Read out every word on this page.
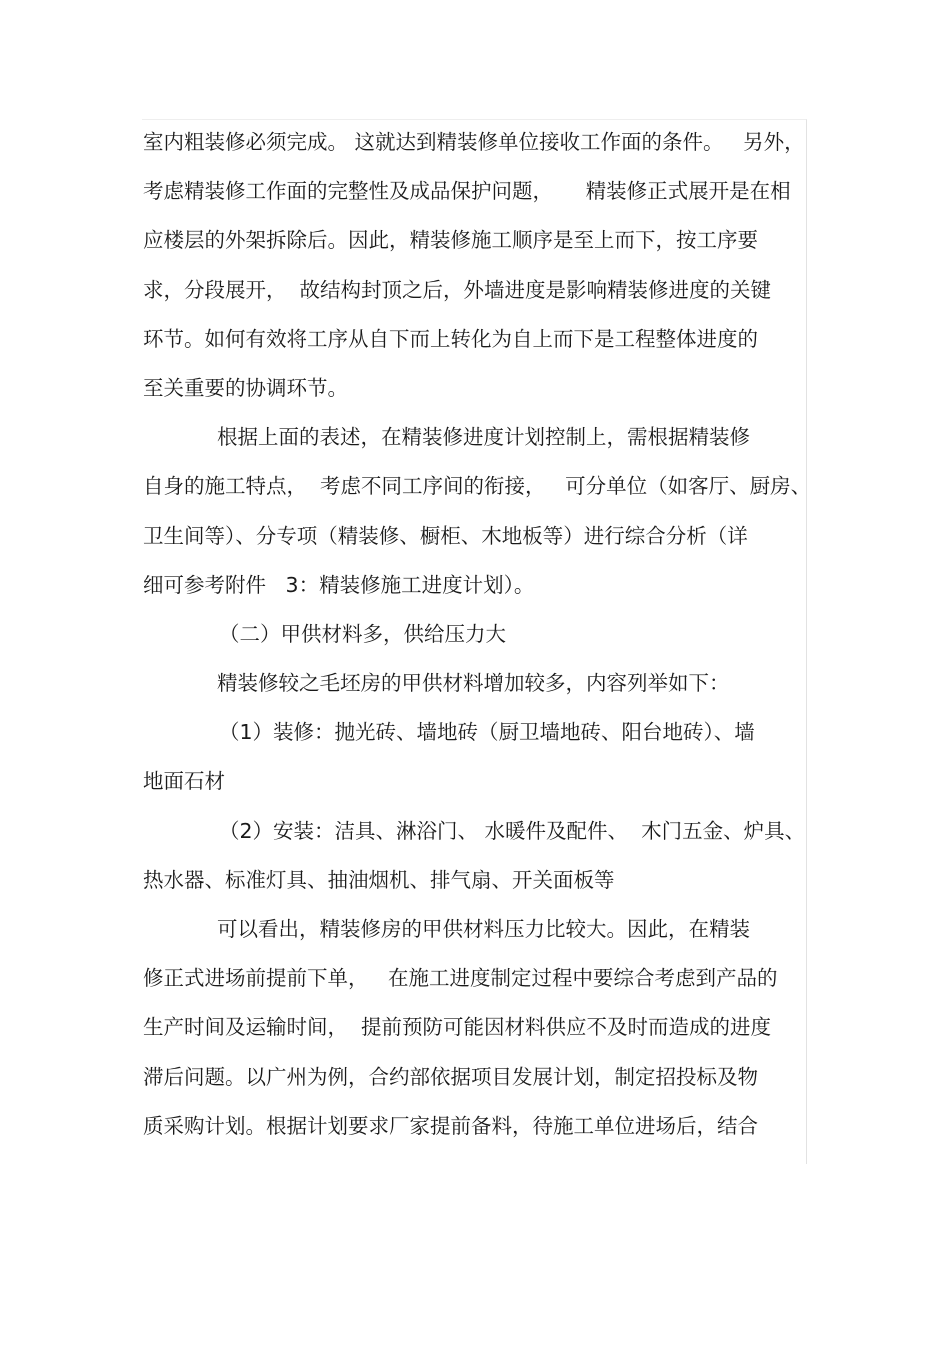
室内粗装修必须完成。 这就达到精装修单位接收工作面的条件。   另外，
考虑精装修工作面的完整性及成品保护问题，     精装修正式展开是在相
应楼层的外架拆除后。因此，精装修施工顺序是至上而下，按工序要
求，分段展开，  故结构封顶之后，外墙进度是影响精装修进度的关键
环节。如何有效将工序从自下而上转化为自上而下是工程整体进度的
至关重要的协调环节。
根据上面的表述，在精装修进度计划控制上，需根据精装修
自身的施工特点，  考虑不同工序间的衔接，   可分单位（如客厅、厨房、
卫生间等）、分专项（精装修、橱柜、木地板等）进行综合分析（详
细可参考附件   3：精装修施工进度计划）。
（二）甲供材料多，供给压力大
精装修较之毛坯房的甲供材料增加较多，内容列举如下：
（1）装修：抛光砖、墙地砖（厨卫墙地砖、阳台地砖）、墙
地面石材
（2）安装：洁具、淋浴门、 水暖件及配件、  木门五金、炉具、
热水器、标准灯具、抽油烟机、排气扇、开关面板等
可以看出，精装修房的甲供材料压力比较大。因此，在精装
修正式进场前提前下单，   在施工进度制定过程中要综合考虑到产品的
生产时间及运输时间，  提前预防可能因材料供应不及时而造成的进度
滞后问题。以广州为例，合约部依据项目发展计划，制定招投标及物
质采购计划。根据计划要求厂家提前备料，待施工单位进场后，结合
